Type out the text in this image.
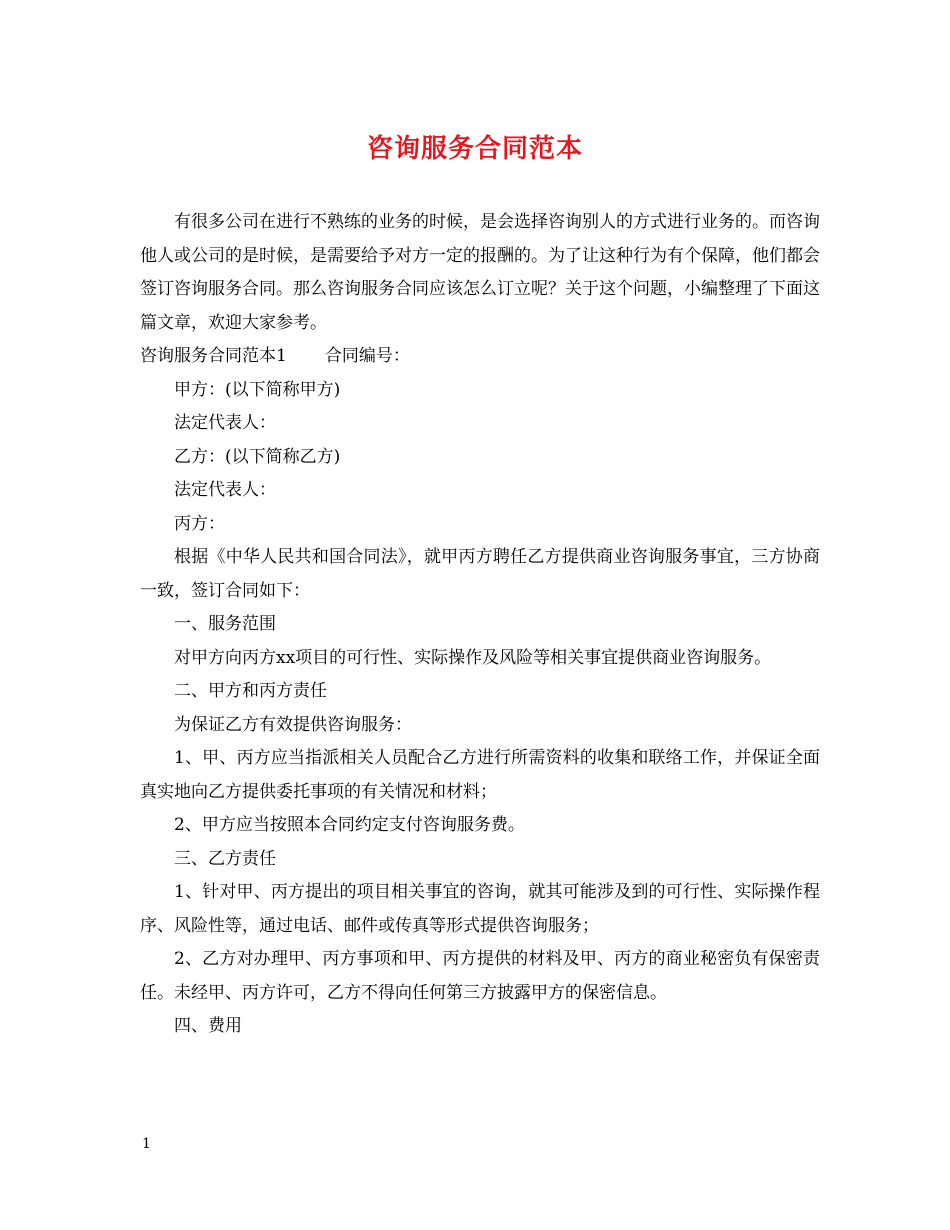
咨询服务合同范本

有很多公司在进行不熟练的业务的时候，是会选择咨询别人的方式进行业务的。而咨询他人或公司的是时候，是需要给予对方一定的报酬的。为了让这种行为有个保障，他们都会签订咨询服务合同。那么咨询服务合同应该怎么订立呢？关于这个问题，小编整理了下面这篇文章，欢迎大家参考。

咨询服务合同范本1 合同编号：

甲方：(以下简称甲方)

法定代表人：

乙方：(以下简称乙方)

法定代表人：

丙方：

根据《中华人民共和国合同法》，就甲丙方聘任乙方提供商业咨询服务事宜，三方协商一致，签订合同如下：

一、服务范围

对甲方向丙方xx项目的可行性、实际操作及风险等相关事宜提供商业咨询服务。

二、甲方和丙方责任

为保证乙方有效提供咨询服务：

1、甲、丙方应当指派相关人员配合乙方进行所需资料的收集和联络工作，并保证全面真实地向乙方提供委托事项的有关情况和材料；

2、甲方应当按照本合同约定支付咨询服务费。

三、乙方责任

1、针对甲、丙方提出的项目相关事宜的咨询，就其可能涉及到的可行性、实际操作程序、风险性等，通过电话、邮件或传真等形式提供咨询服务；

2、乙方对办理甲、丙方事项和甲、丙方提供的材料及甲、丙方的商业秘密负有保密责任。未经甲、丙方许可，乙方不得向任何第三方披露甲方的保密信息。

四、费用

1
